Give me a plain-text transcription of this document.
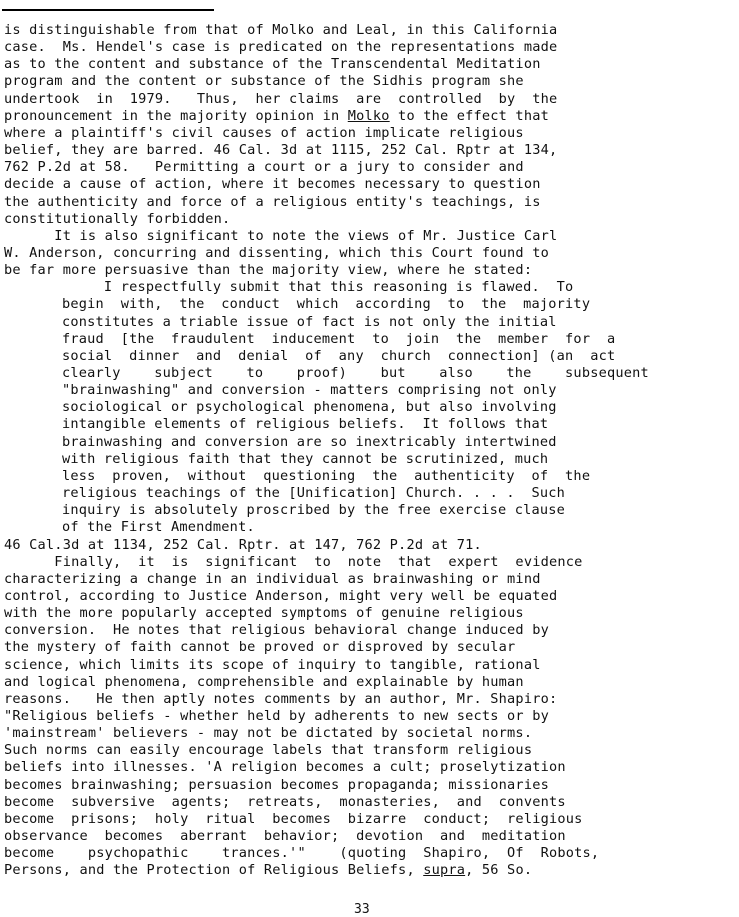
is distinguishable from that of Molko and Leal, in this California
case.  Ms. Hendel's case is predicated on the representations made
as to the content and substance of the Transcendental Meditation
program and the content or substance of the Sidhis program she
undertook  in  1979.   Thus,  her claims  are  controlled  by  the
pronouncement in the majority opinion in Molko to the effect that
where a plaintiff's civil causes of action implicate religious
belief, they are barred. 46 Cal. 3d at 1115, 252 Cal. Rptr at 134,
762 P.2d at 58.   Permitting a court or a jury to consider and
decide a cause of action, where it becomes necessary to question
the authenticity and force of a religious entity's teachings, is
constitutionally forbidden.
It is also significant to note the views of Mr. Justice Carl
W. Anderson, concurring and dissenting, which this Court found to
be far more persuasive than the majority view, where he stated:
I respectfully submit that this reasoning is flawed.  To
begin  with,  the  conduct  which  according  to  the  majority
constitutes a triable issue of fact is not only the initial
fraud  [the  fraudulent  inducement  to  join  the  member  for  a
social  dinner  and  denial  of  any  church  connection] (an  act
clearly    subject    to    proof)    but    also    the    subsequent
"brainwashing" and conversion - matters comprising not only
sociological or psychological phenomena, but also involving
intangible elements of religious beliefs.  It follows that
brainwashing and conversion are so inextricably intertwined
with religious faith that they cannot be scrutinized, much
less  proven,  without  questioning  the  authenticity  of  the
religious teachings of the [Unification] Church. . . .  Such
inquiry is absolutely proscribed by the free exercise clause
of the First Amendment.
46 Cal.3d at 1134, 252 Cal. Rptr. at 147, 762 P.2d at 71.
Finally,  it  is  significant  to  note  that  expert  evidence
characterizing a change in an individual as brainwashing or mind
control, according to Justice Anderson, might very well be equated
with the more popularly accepted symptoms of genuine religious
conversion.  He notes that religious behavioral change induced by
the mystery of faith cannot be proved or disproved by secular
science, which limits its scope of inquiry to tangible, rational
and logical phenomena, comprehensible and explainable by human
reasons.   He then aptly notes comments by an author, Mr. Shapiro:
"Religious beliefs - whether held by adherents to new sects or by
'mainstream' believers - may not be dictated by societal norms.
Such norms can easily encourage labels that transform religious
beliefs into illnesses. 'A religion becomes a cult; proselytization
becomes brainwashing; persuasion becomes propaganda; missionaries
become  subversive  agents;  retreats,  monasteries,  and  convents
become  prisons;  holy  ritual  becomes  bizarre  conduct;  religious
observance  becomes  aberrant  behavior;  devotion  and  meditation
become    psychopathic    trances.'"    (quoting  Shapiro,  Of  Robots,
Persons, and the Protection of Religious Beliefs, supra, 56 So.
33
